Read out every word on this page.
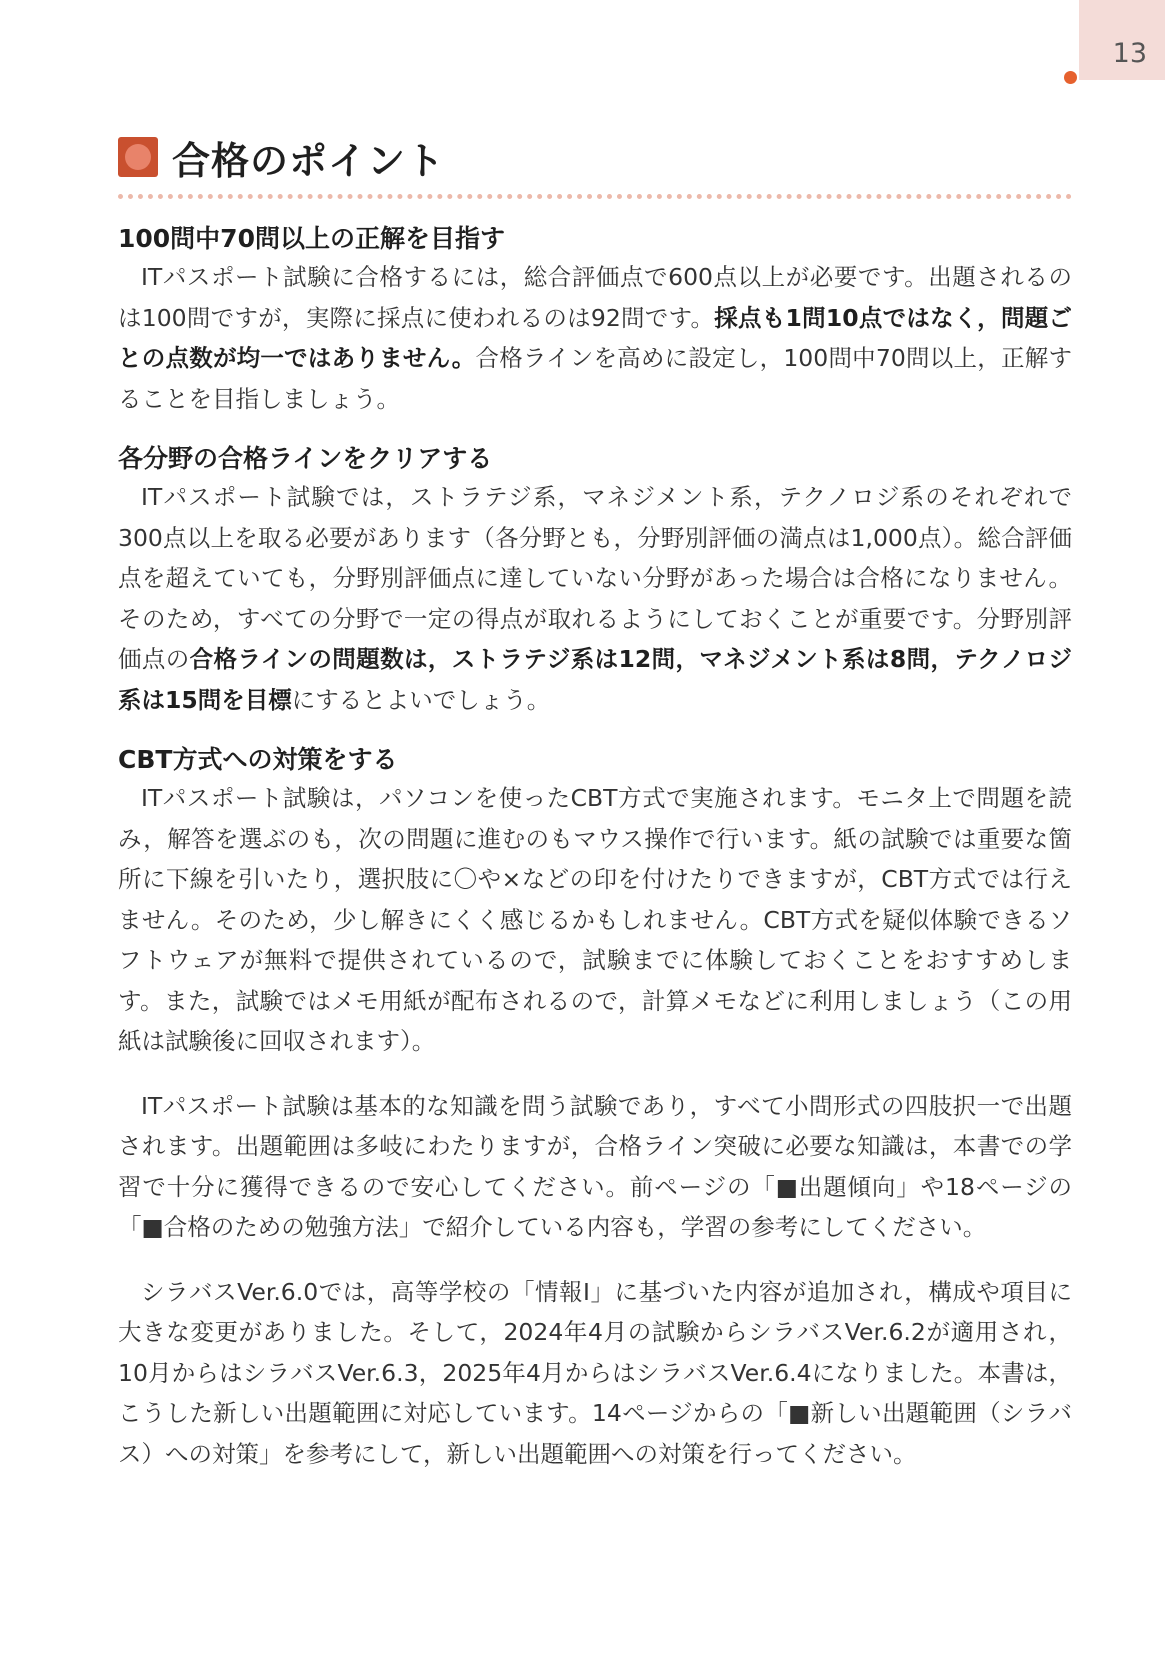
13
合格のポイント
100問中70問以上の正解を目指す

ITパスポート試験に合格するには，総合評価点で600点以上が必要です。出題されるのは100問ですが，実際に採点に使われるのは92問です。採点も1問10点ではなく，問題ごとの点数が均一ではありません。合格ラインを高めに設定し，100問中70問以上，正解することを目指しましょう。

各分野の合格ラインをクリアする

ITパスポート試験では，ストラテジ系，マネジメント系，テクノロジ系のそれぞれで300点以上を取る必要があります（各分野とも，分野別評価の満点は1,000点）。総合評価点を超えていても，分野別評価点に達していない分野があった場合は合格になりません。そのため，すべての分野で一定の得点が取れるようにしておくことが重要です。分野別評価点の合格ラインの問題数は，ストラテジ系は12問，マネジメント系は8問，テクノロジ系は15問を目標にするとよいでしょう。

CBT方式への対策をする

ITパスポート試験は，パソコンを使ったCBT方式で実施されます。モニタ上で問題を読み，解答を選ぶのも，次の問題に進むのもマウス操作で行います。紙の試験では重要な箇所に下線を引いたり，選択肢に〇や×などの印を付けたりできますが，CBT方式では行えません。そのため，少し解きにくく感じるかもしれません。CBT方式を疑似体験できるソフトウェアが無料で提供されているので，試験までに体験しておくことをおすすめします。また，試験ではメモ用紙が配布されるので，計算メモなどに利用しましょう（この用紙は試験後に回収されます）。

ITパスポート試験は基本的な知識を問う試験であり，すべて小問形式の四肢択一で出題されます。出題範囲は多岐にわたりますが，合格ライン突破に必要な知識は，本書での学習で十分に獲得できるので安心してください。前ページの「■出題傾向」や18ページの「■合格のための勉強方法」で紹介している内容も，学習の参考にしてください。

シラバスVer.6.0では，高等学校の「情報Ⅰ」に基づいた内容が追加され，構成や項目に大きな変更がありました。そして，2024年4月の試験からシラバスVer.6.2が適用され，10月からはシラバスVer.6.3，2025年4月からはシラバスVer.6.4になりました。本書は，こうした新しい出題範囲に対応しています。14ページからの「■新しい出題範囲（シラバス）への対策」を参考にして，新しい出題範囲への対策を行ってください。
